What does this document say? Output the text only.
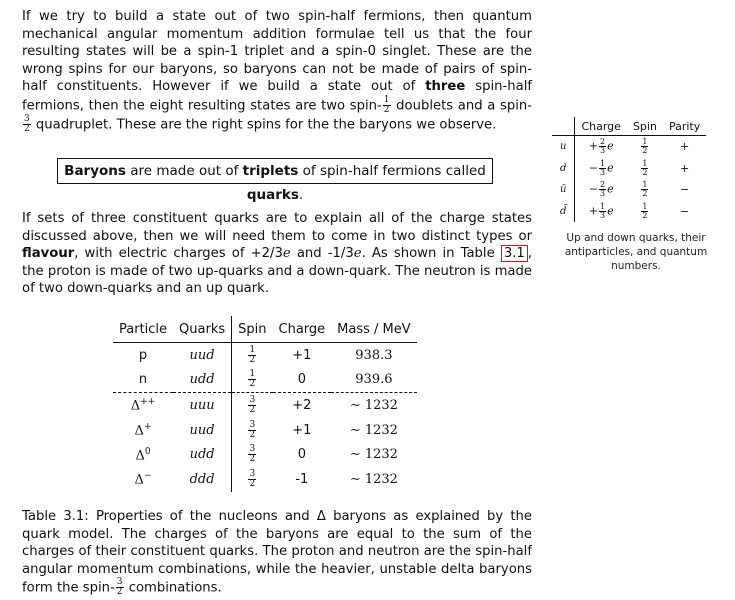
If we try to build a state out of two spin-half fermions, then quantum mechanical angular momentum addition formulae tell us that the four resulting states will be a spin-1 triplet and a spin-0 singlet. These are the wrong spins for our baryons, so baryons can not be made of pairs of spin-half constituents. However if we build a state out of three spin-half fermions, then the eight resulting states are two spin- $\frac{1}{2}$ doublets and a spin-
$\frac{3}{2}$ quadruplet. These are the right spins for the the baryons we observe.

Baryons are made out of triplets of spin-half fermions called quarks.

If sets of three constituent quarks are to explain all of the charge states discussed above, then we will need them to come in two distinct types or flavour, with electric charges of +2/3e and -1/3e. As shown in Table 3.1 , the proton is made of two up-quarks and a down-quark. The neutron is made of two down-quarks and an up quark.

Particle	Quarks	Spin	Charge	Mass / MeV
p	uud	$\frac{1}{2}$	+1	938.3
n	udd	$\frac{1}{2}$	0	939.6
Δ++	uuu	$\frac{3}{2}$	+2	∼ 1232
Δ+	uud	$\frac{3}{2}$	+1	∼ 1232
$\Delta^0$	udd	$\frac{3}{2}$	0	∼ 1232
Δ−	ddd	$\frac{3}{2}$	-1	∼ 1232

Table 3.1: Properties of the nucleons and Δ baryons as explained by the quark model. The charges of the baryons are equal to the sum of the charges of their constituent quarks. The proton and neutron are the spin-half angular momentum combinations, while the heavier, unstable delta baryons form the spin- $\frac{3}{2}$ combinations.

	Charge	Spin	Parity
u	+ $\frac{2}{3}$ e	$\frac{1}{2}$	+
d	− $\frac{1}{3}$ e	$\frac{1}{2}$	+
ū	− $\frac{2}{3}$ e	$\frac{1}{2}$	−
d̄	+ $\frac{1}{3}$ e	$\frac{1}{2}$	−
Up and down quarks, their antiparticles, and quantum numbers.
